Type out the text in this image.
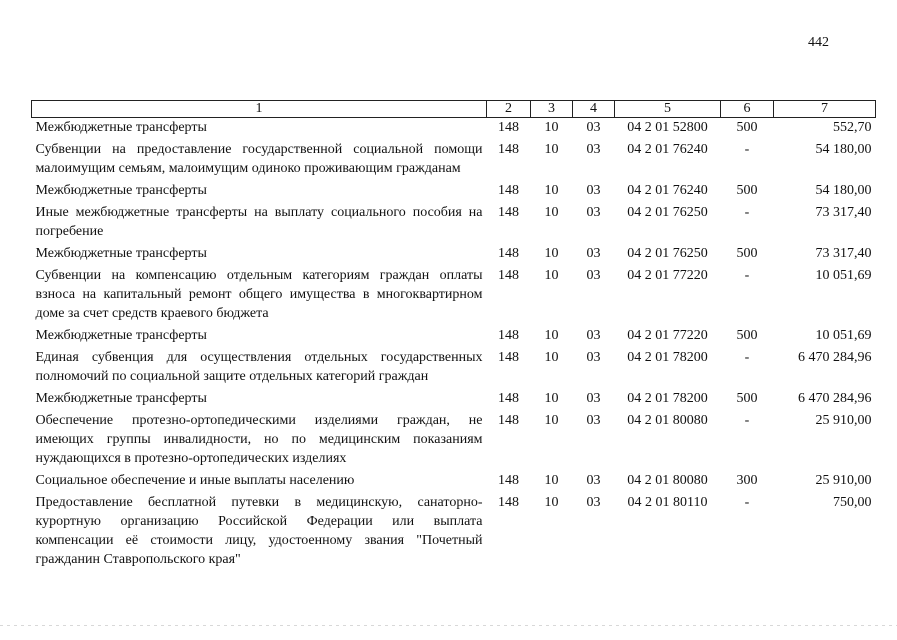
442
1	2	3	4	5	6	7
Межбюджетные трансферты	148	10	03	04 2 01 52800	500	552,70
Субвенции на предоставление государственной социальной помощи малоимущим семьям, малоимущим одиноко проживающим гражданам	148	10	03	04 2 01 76240	-	54 180,00
Межбюджетные трансферты	148	10	03	04 2 01 76240	500	54 180,00
Иные межбюджетные трансферты на выплату социального пособия на погребение	148	10	03	04 2 01 76250	-	73 317,40
Межбюджетные трансферты	148	10	03	04 2 01 76250	500	73 317,40
Субвенции на компенсацию отдельным категориям граждан оплаты взноса на капитальный ремонт общего имущества в многоквартирном доме за счет средств краевого бюджета	148	10	03	04 2 01 77220	-	10 051,69
Межбюджетные трансферты	148	10	03	04 2 01 77220	500	10 051,69
Единая субвенция для осуществления отдельных государственных полномочий по социальной защите отдельных категорий граждан	148	10	03	04 2 01 78200	-	6 470 284,96
Межбюджетные трансферты	148	10	03	04 2 01 78200	500	6 470 284,96
Обеспечение протезно-ортопедическими изделиями граждан, не имеющих группы инвалидности, но по медицинским показаниям нуждающихся в протезно-ортопедических изделиях	148	10	03	04 2 01 80080	-	25 910,00
Социальное обеспечение и иные выплаты населению	148	10	03	04 2 01 80080	300	25 910,00
Предоставление бесплатной путевки в медицинскую, санаторно-курортную организацию Российской Федерации или выплата компенсации её стоимости лицу, удостоенному звания "Почетный гражданин Ставропольского края"	148	10	03	04 2 01 80110	-	750,00
